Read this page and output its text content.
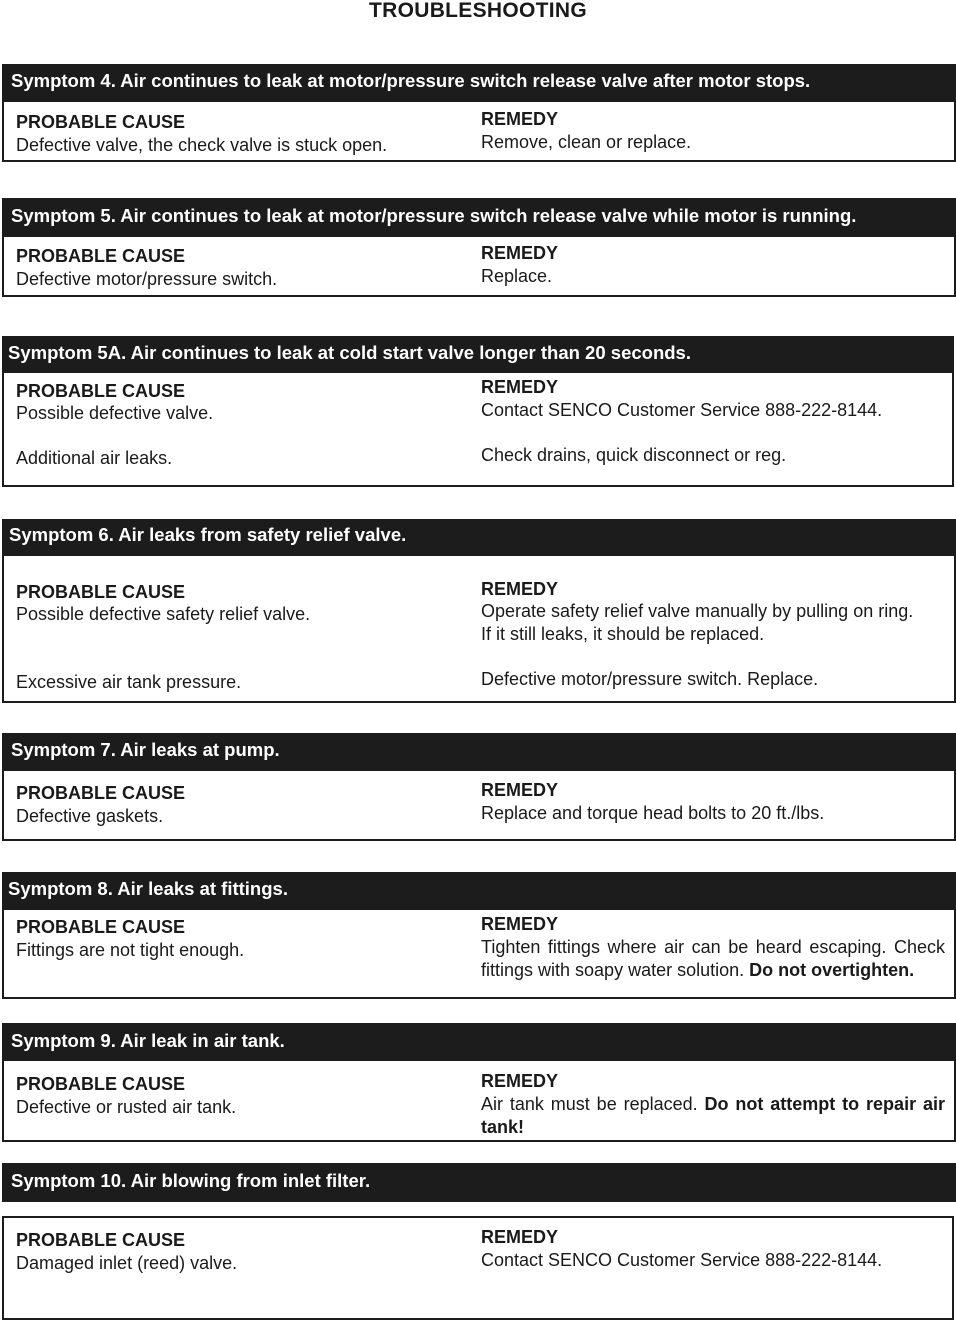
TROUBLESHOOTING
Symptom 4. Air continues to leak at motor/pressure switch release valve after motor stops.
PROBABLE CAUSE
Defective valve, the check valve is stuck open.
REMEDY
Remove, clean or replace.
Symptom 5. Air continues to leak at motor/pressure switch release valve while motor is running.
PROBABLE CAUSE
Defective motor/pressure switch.
REMEDY
Replace.
Symptom 5A. Air continues to leak at cold start valve longer than 20 seconds.
PROBABLE CAUSE
Possible defective valve.
Additional air leaks.
REMEDY
Contact SENCO Customer Service 888-222-8144.
Check drains, quick disconnect or reg.
Symptom 6. Air leaks from safety relief valve.
PROBABLE CAUSE
Possible defective safety relief valve.
Excessive air tank pressure.
REMEDY
Operate safety relief valve manually by pulling on ring.
If it still leaks, it should be replaced.
Defective motor/pressure switch. Replace.
Symptom 7. Air leaks at pump.
PROBABLE CAUSE
Defective gaskets.
REMEDY
Replace and torque head bolts to 20 ft./lbs.
Symptom 8. Air leaks at fittings.
PROBABLE CAUSE
Fittings are not tight enough.
REMEDY
Tighten fittings where air can be heard escaping. Check fittings with soapy water solution. Do not overtighten.
Symptom 9. Air leak in air tank.
PROBABLE CAUSE
Defective or rusted air tank.
REMEDY
Air tank must be replaced. Do not attempt to repair air tank!
Symptom 10. Air blowing from inlet filter.
PROBABLE CAUSE
Damaged inlet (reed) valve.
REMEDY
Contact SENCO Customer Service 888-222-8144.
